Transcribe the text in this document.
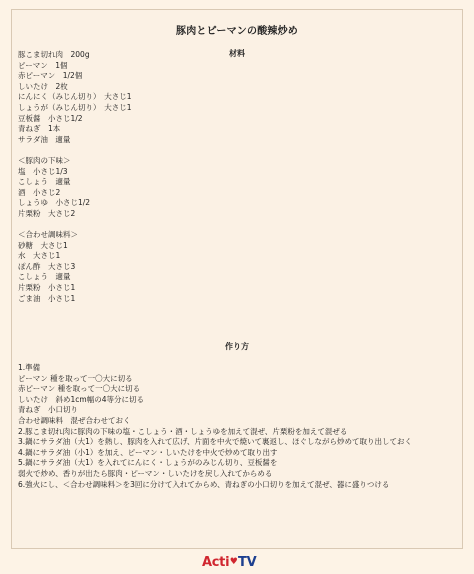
豚肉とピーマンの酸辣炒め
材料
豚こま切れ肉　200g
ピーマン　1個
赤ピーマン　1/2個
しいたけ　2枚
にんにく（みじん切り）　大さじ1
しょうが（みじん切り）　大さじ1
豆板醤　小さじ1/2
青ねぎ　1本
サラダ油　適量
＜豚肉の下味＞
塩　小さじ1/3
こしょう　適量
酒　小さじ2
しょうゆ　小さじ1/2
片栗粉　大さじ2
＜合わせ調味料＞
砂糖　大さじ1
水　大さじ1
ぽん酢　大さじ3
こしょう　適量
片栗粉　小さじ1
ごま油　小さじ1
作り方
1.準備
ピーマン 種を取って一〇大に切る
赤ピーマン 種を取って一〇大に切る
しいたけ　斜め1cm幅の4等分に切る
青ねぎ　小口切り
合わせ調味料　混ぜ合わせておく
2.豚こま切れ肉に豚肉の下味の塩・こしょう・酒・しょうゆを加えて混ぜ、片栗粉を加えて混ぜる
3.鍋にサラダ油（大1）を熱し、豚肉を入れて広げ、片面を中火で焼いて裏返し、ほぐしながら炒めて取り出しておく
4.鍋にサラダ油（小1）を加え、ピーマン・しいたけを中火で炒めて取り出す
5.鍋にサラダ油（大1）を入れてにんにく・しょうがのみじん切り、豆板醤を
弱火で炒め、香りが出たら豚肉・ピーマン・しいたけを戻し入れてからめる
6.強火にし、＜合わせ調味料＞を3回に分けて入れてからめ、青ねぎの小口切りを加えて混ぜ、器に盛りつける
Acti♥TV
